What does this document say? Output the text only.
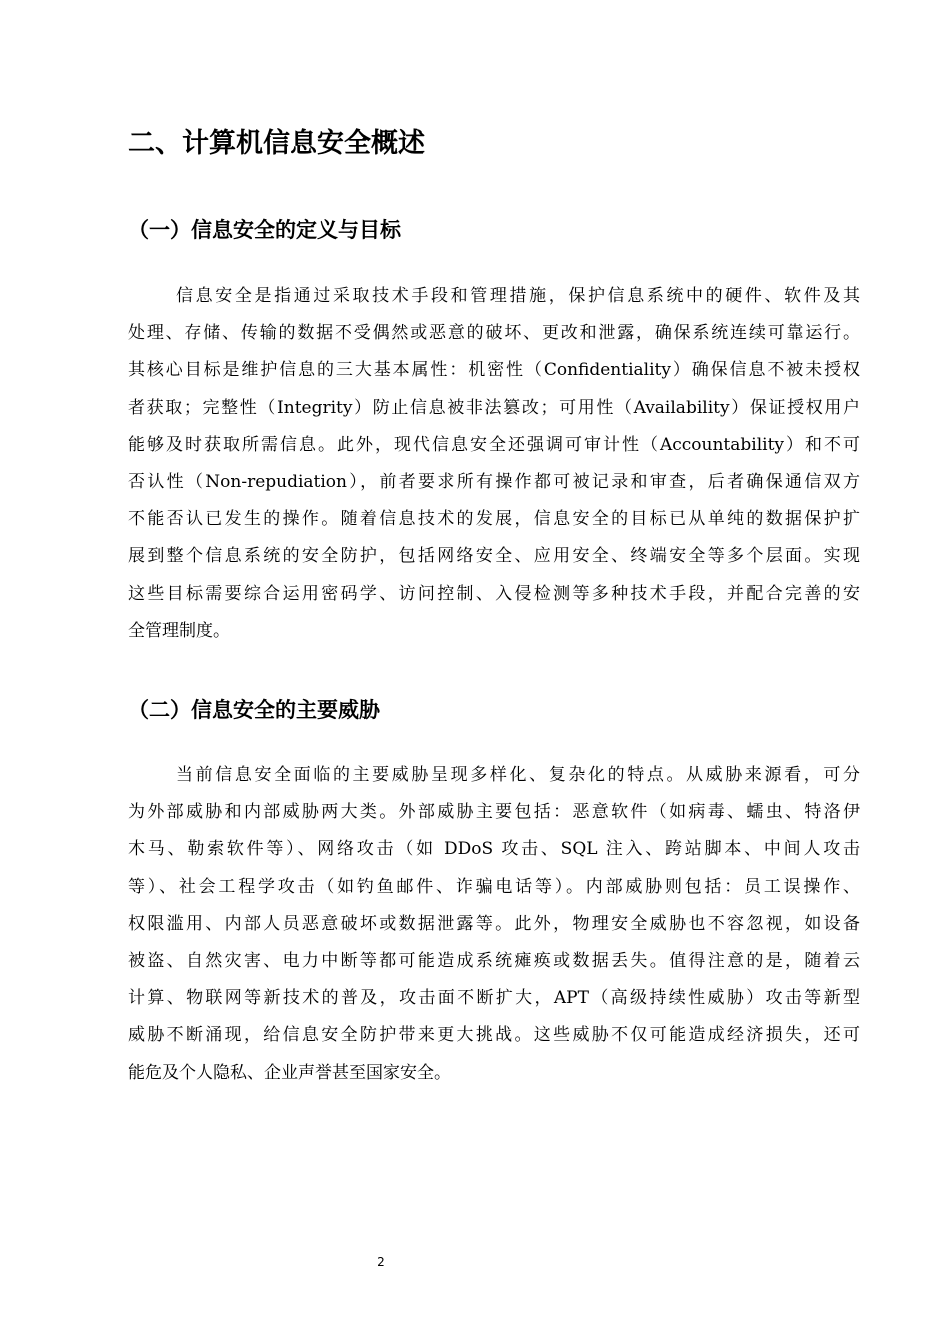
二、计算机信息安全概述
（一）信息安全的定义与目标
信息安全是指通过采取技术手段和管理措施，保护信息系统中的硬件、软件及其
处理、存储、传输的数据不受偶然或恶意的破坏、更改和泄露，确保系统连续可靠运行。
其核心目标是维护信息的三大基本属性：机密性（Confidentiality）确保信息不被未授权
者获取；完整性（Integrity）防止信息被非法篡改；可用性（Availability）保证授权用户
能够及时获取所需信息。此外，现代信息安全还强调可审计性（Accountability）和不可
否认性（Non-repudiation），前者要求所有操作都可被记录和审查，后者确保通信双方
不能否认已发生的操作。随着信息技术的发展，信息安全的目标已从单纯的数据保护扩
展到整个信息系统的安全防护，包括网络安全、应用安全、终端安全等多个层面。实现
这些目标需要综合运用密码学、访问控制、入侵检测等多种技术手段，并配合完善的安
全管理制度。
（二）信息安全的主要威胁
当前信息安全面临的主要威胁呈现多样化、复杂化的特点。从威胁来源看，可分
为外部威胁和内部威胁两大类。外部威胁主要包括：恶意软件（如病毒、蠕虫、特洛伊
木马、勒索软件等）、网络攻击（如 DDoS 攻击、SQL 注入、跨站脚本、中间人攻击
等）、社会工程学攻击（如钓鱼邮件、诈骗电话等）。内部威胁则包括：员工误操作、
权限滥用、内部人员恶意破坏或数据泄露等。此外，物理安全威胁也不容忽视，如设备
被盗、自然灾害、电力中断等都可能造成系统瘫痪或数据丢失。值得注意的是，随着云
计算、物联网等新技术的普及，攻击面不断扩大，APT（高级持续性威胁）攻击等新型
威胁不断涌现，给信息安全防护带来更大挑战。这些威胁不仅可能造成经济损失，还可
能危及个人隐私、企业声誉甚至国家安全。
2
